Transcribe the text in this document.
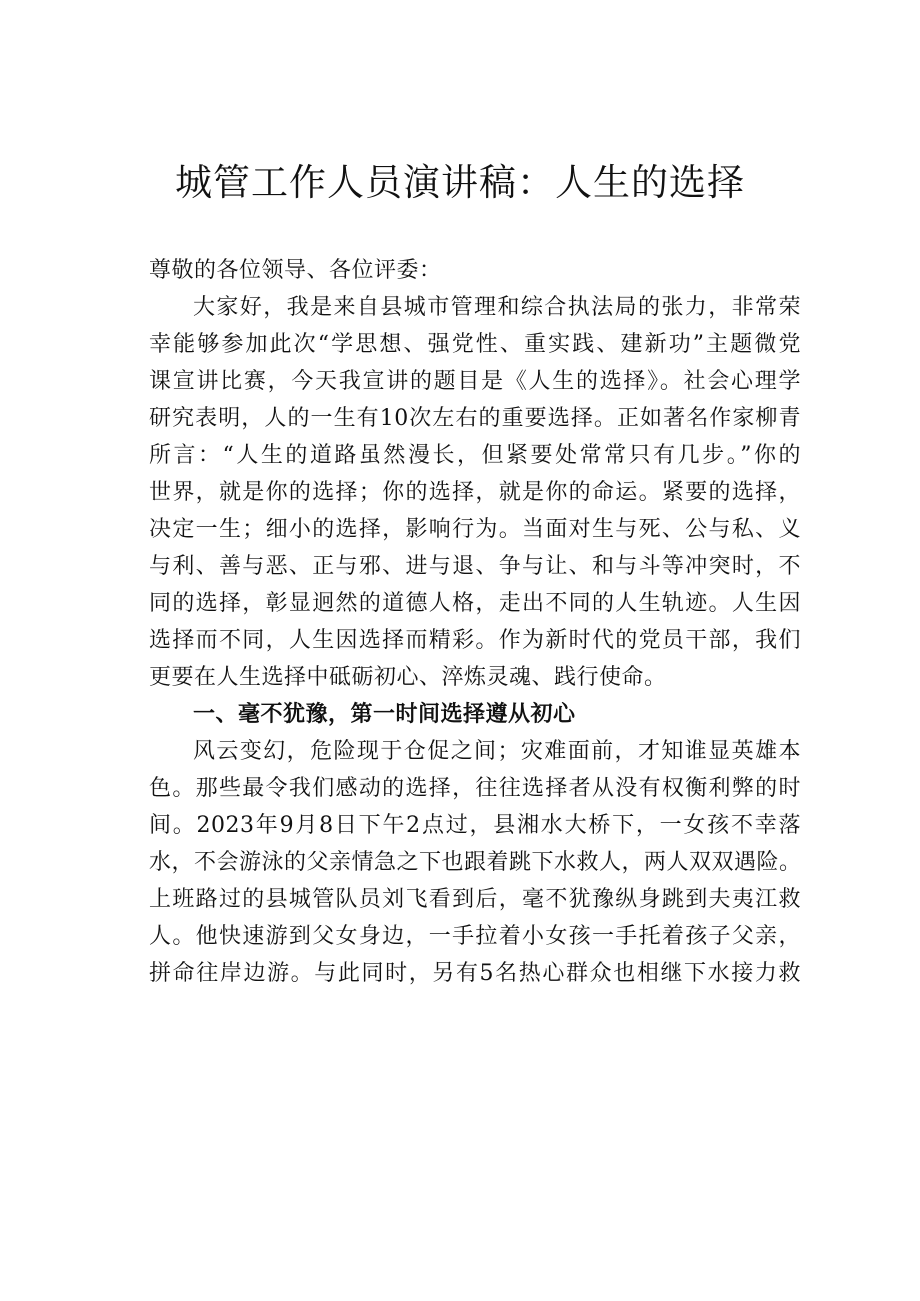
城管工作人员演讲稿：人生的选择
尊敬的各位领导、各位评委：
大家好，我是来自县城市管理和综合执法局的张力，非常荣
幸能够参加此次“学思想、强党性、重实践、建新功”主题微党
课宣讲比赛，今天我宣讲的题目是《人生的选择》。社会心理学
研究表明，人的一生有10次左右的重要选择。正如著名作家柳青
所言：“人生的道路虽然漫长，但紧要处常常只有几步。”你的
世界，就是你的选择；你的选择，就是你的命运。紧要的选择，
决定一生；细小的选择，影响行为。当面对生与死、公与私、义
与利、善与恶、正与邪、进与退、争与让、和与斗等冲突时，不
同的选择，彰显迥然的道德人格，走出不同的人生轨迹。人生因
选择而不同，人生因选择而精彩。作为新时代的党员干部，我们
更要在人生选择中砥砺初心、淬炼灵魂、践行使命。
一、毫不犹豫，第一时间选择遵从初心
风云变幻，危险现于仓促之间；灾难面前，才知谁显英雄本
色。那些最令我们感动的选择，往往选择者从没有权衡利弊的时
间。2023年9月8日下午2点过，县湘水大桥下，一女孩不幸落
水，不会游泳的父亲情急之下也跟着跳下水救人，两人双双遇险。
上班路过的县城管队员刘飞看到后，毫不犹豫纵身跳到夫夷江救
人。他快速游到父女身边，一手拉着小女孩一手托着孩子父亲，
拼命往岸边游。与此同时，另有5名热心群众也相继下水接力救
